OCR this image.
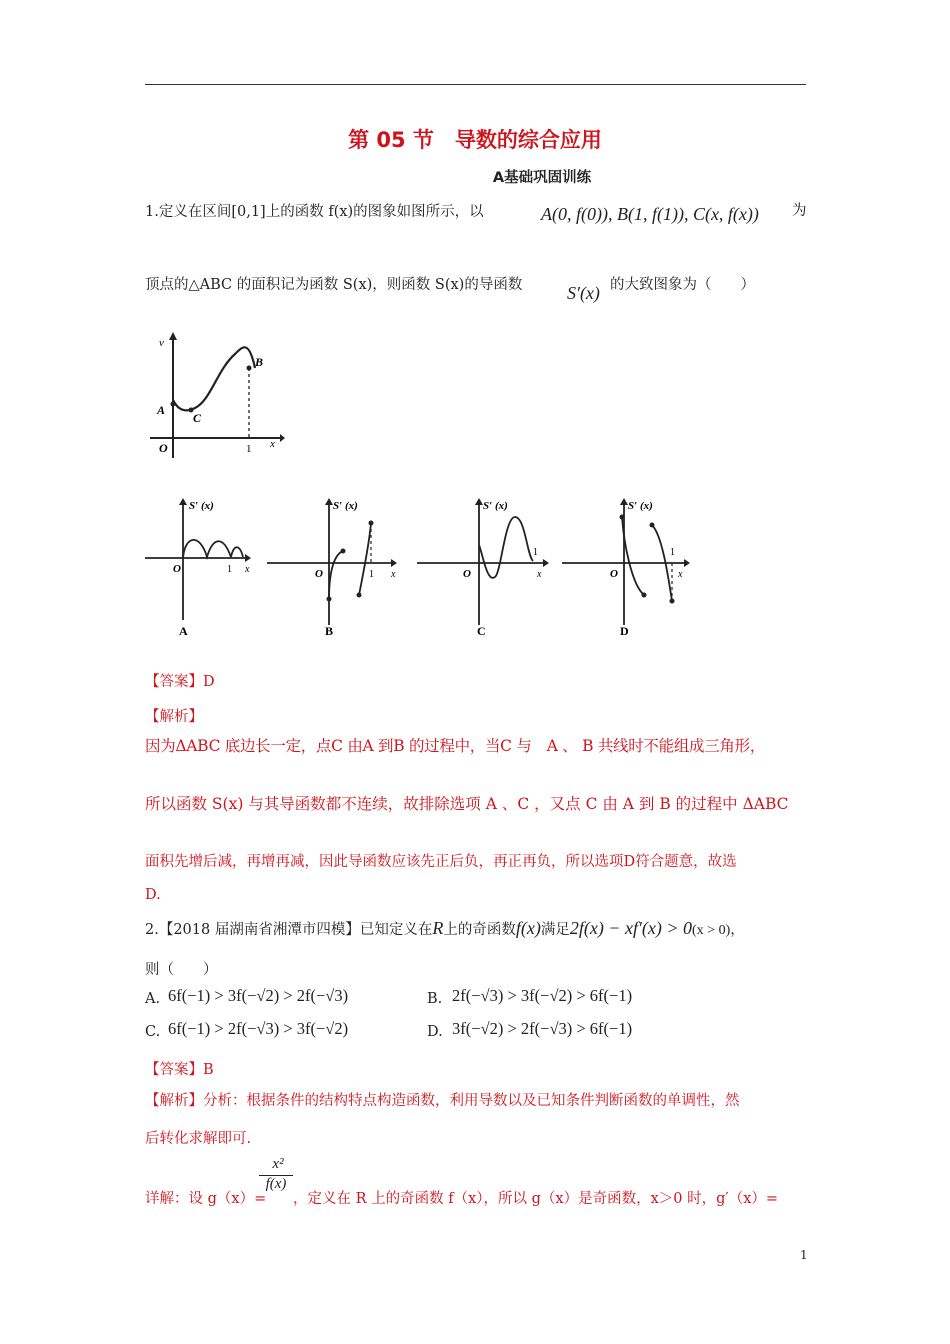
第 05 节　导数的综合应用
A基础巩固训练
1.定义在区间[0,1]上的函数 f(x)的图象如图所示，以	A(0, f(0)), B(1, f(1)), C(x, f(x)) 为
顶点的△ABC 的面积记为函数 S(x)，则函数 S(x)的导函数 S′(x) 的大致图象为（　　）
v
A
B
C
O	1 x
S′ (x)
O	1 x
A
S′ (x)
O	1 x
B
S′ (x)
O
1
x
C
S′ (x)
O
1
x
D
【答案】D
【解析】
因为ΔABC 底边长一定，点C 由A 到B 的过程中，当C 与　A 、 B 共线时不能组成三角形，
所以函数 S(x) 与其导函数都不连续，故排除选项 A 、C ，又点 C 由 A 到 B 的过程中 ΔABC
面积先增后减，再增再减，因此导函数应该先正后负，再正再负，所以选项D符合题意，故选
D.
2.【2018 届湖南省湘潭市四模】已知定义在R上的奇函数f(x)满足2f(x) − xf′(x) > 0(x > 0)，
则（　　）
A. 6f(−1) > 3f(−√2) > 2f(−√3)	B. 2f(−√3) > 3f(−√2) > 6f(−1)
C. 6f(−1) > 2f(−√3) > 3f(−√2)	D. 3f(−√2) > 2f(−√3) > 6f(−1)
【答案】B
【解析】分析：根据条件的结构特点构造函数，利用导数以及已知条件判断函数的单调性，然
后转化求解即可.
详解：设 g（x）=
x²
f(x)
，定义在 R 上的奇函数 f（x），所以 g（x）是奇函数，x＞0 时，g′（x）=
1
